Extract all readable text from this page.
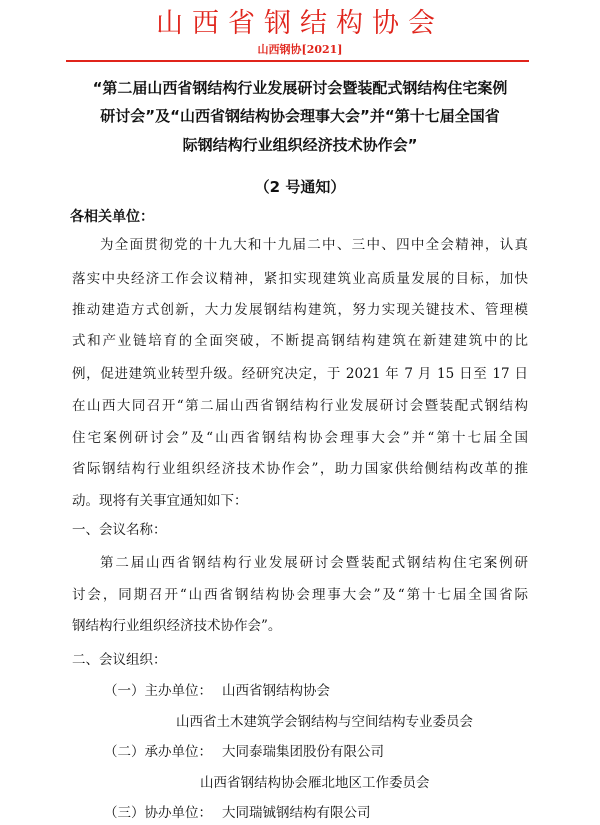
山西省钢结构协会
山西钢协[2021]
“第二届山西省钢结构行业发展研讨会暨装配式钢结构住宅案例
研讨会”及“山西省钢结构协会理事大会”并“第十七届全国省
际钢结构行业组织经济技术协作会”
（2 号通知）
各相关单位：
为全面贯彻党的十九大和十九届二中、三中、四中全会精神，认真
落实中央经济工作会议精神，紧扣实现建筑业高质量发展的目标，加快
推动建造方式创新，大力发展钢结构建筑，努力实现关键技术、管理模
式和产业链培育的全面突破，不断提高钢结构建筑在新建建筑中的比
例，促进建筑业转型升级。经研究决定，于 2021 年 7 月 15 日至 17 日
在山西大同召开“第二届山西省钢结构行业发展研讨会暨装配式钢结构
住宅案例研讨会”及“山西省钢结构协会理事大会”并“第十七届全国
省际钢结构行业组织经济技术协作会”，助力国家供给侧结构改革的推
动。现将有关事宜通知如下：
一、会议名称：
第二届山西省钢结构行业发展研讨会暨装配式钢结构住宅案例研
讨会，同期召开“山西省钢结构协会理事大会”及“第十七届全国省际
钢结构行业组织经济技术协作会”。
二、会议组织：
（一）主办单位： 山西省钢结构协会
山西省土木建筑学会钢结构与空间结构专业委员会
（二）承办单位： 大同泰瑞集团股份有限公司
山西省钢结构协会雁北地区工作委员会
（三）协办单位： 大同瑞铖钢结构有限公司
